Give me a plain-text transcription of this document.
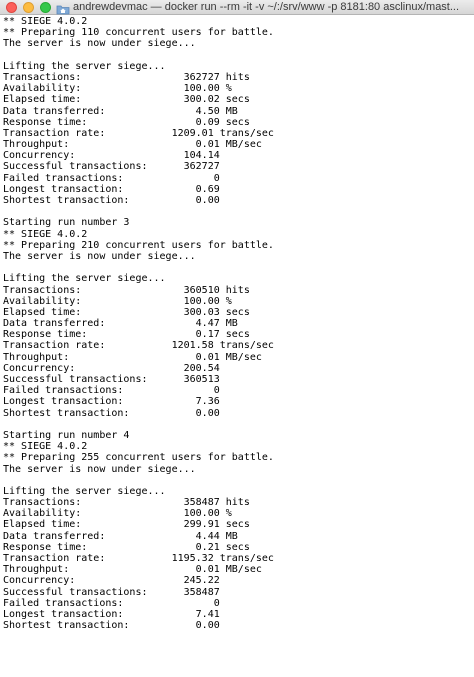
andrewdevmac — docker run --rm -it -v ~/:/srv/www -p 8181:80 asclinux/mast...
** SIEGE 4.0.2
** Preparing 110 concurrent users for battle.
The server is now under siege...
Lifting the server siege...
Transactions:                 362727 hits
Availability:                 100.00 %
Elapsed time:                 300.02 secs
Data transferred:               4.50 MB
Response time:                  0.09 secs
Transaction rate:           1209.01 trans/sec
Throughput:                     0.01 MB/sec
Concurrency:                  104.14
Successful transactions:      362727
Failed transactions:               0
Longest transaction:            0.69
Shortest transaction:           0.00
Starting run number 3
** SIEGE 4.0.2
** Preparing 210 concurrent users for battle.
The server is now under siege...
Lifting the server siege...
Transactions:                 360510 hits
Availability:                 100.00 %
Elapsed time:                 300.03 secs
Data transferred:               4.47 MB
Response time:                  0.17 secs
Transaction rate:           1201.58 trans/sec
Throughput:                     0.01 MB/sec
Concurrency:                  200.54
Successful transactions:      360513
Failed transactions:               0
Longest transaction:            7.36
Shortest transaction:           0.00
Starting run number 4
** SIEGE 4.0.2
** Preparing 255 concurrent users for battle.
The server is now under siege...
Lifting the server siege...
Transactions:                 358487 hits
Availability:                 100.00 %
Elapsed time:                 299.91 secs
Data transferred:               4.44 MB
Response time:                  0.21 secs
Transaction rate:           1195.32 trans/sec
Throughput:                     0.01 MB/sec
Concurrency:                  245.22
Successful transactions:      358487
Failed transactions:               0
Longest transaction:            7.41
Shortest transaction:           0.00
